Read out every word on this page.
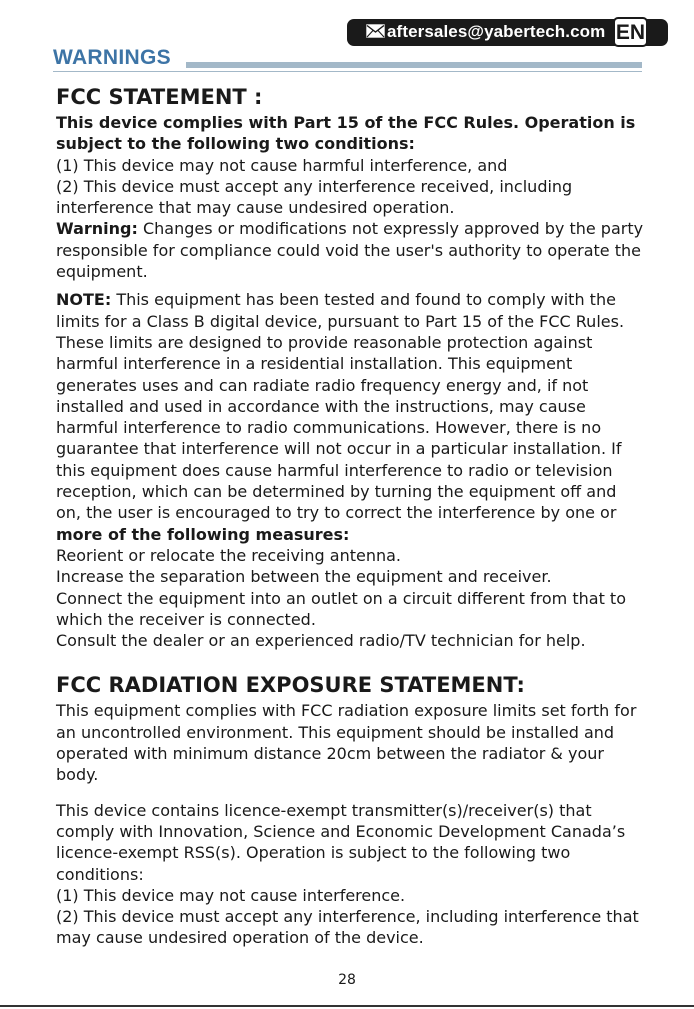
aftersales@yabertech.com EN
WARNINGS

FCC STATEMENT :

This device complies with Part 15 of the FCC Rules. Operation is subject to the following two conditions:

(1) This device may not cause harmful interference, and

(2) This device must accept any interference received, including interference that may cause undesired operation.

Warning: Changes or modifications not expressly approved by the party responsible for compliance could void the user's authority to operate the equipment.

NOTE: This equipment has been tested and found to comply with the limits for a Class B digital device, pursuant to Part 15 of the FCC Rules. These limits are designed to provide reasonable protection against harmful interference in a residential installation. This equipment generates uses and can radiate radio frequency energy and, if not installed and used in accordance with the instructions, may cause harmful interference to radio communications. However, there is no guarantee that interference will not occur in a particular installation. If this equipment does cause harmful interference to radio or television reception, which can be determined by turning the equipment off and on, the user is encouraged to try to correct the interference by one or

more of the following measures:

Reorient or relocate the receiving antenna.

Increase the separation between the equipment and receiver.

Connect the equipment into an outlet on a circuit different from that to which the receiver is connected.

Consult the dealer or an experienced radio/TV technician for help.

FCC RADIATION EXPOSURE STATEMENT:

This equipment complies with FCC radiation exposure limits set forth for an uncontrolled environment. This equipment should be installed and operated with minimum distance 20cm between the radiator & your body.

This device contains licence-exempt transmitter(s)/receiver(s) that comply with Innovation, Science and Economic Development Canada’s licence-exempt RSS(s). Operation is subject to the following two conditions:

(1) This device may not cause interference.

(2) This device must accept any interference, including interference that may cause undesired operation of the device.

28
